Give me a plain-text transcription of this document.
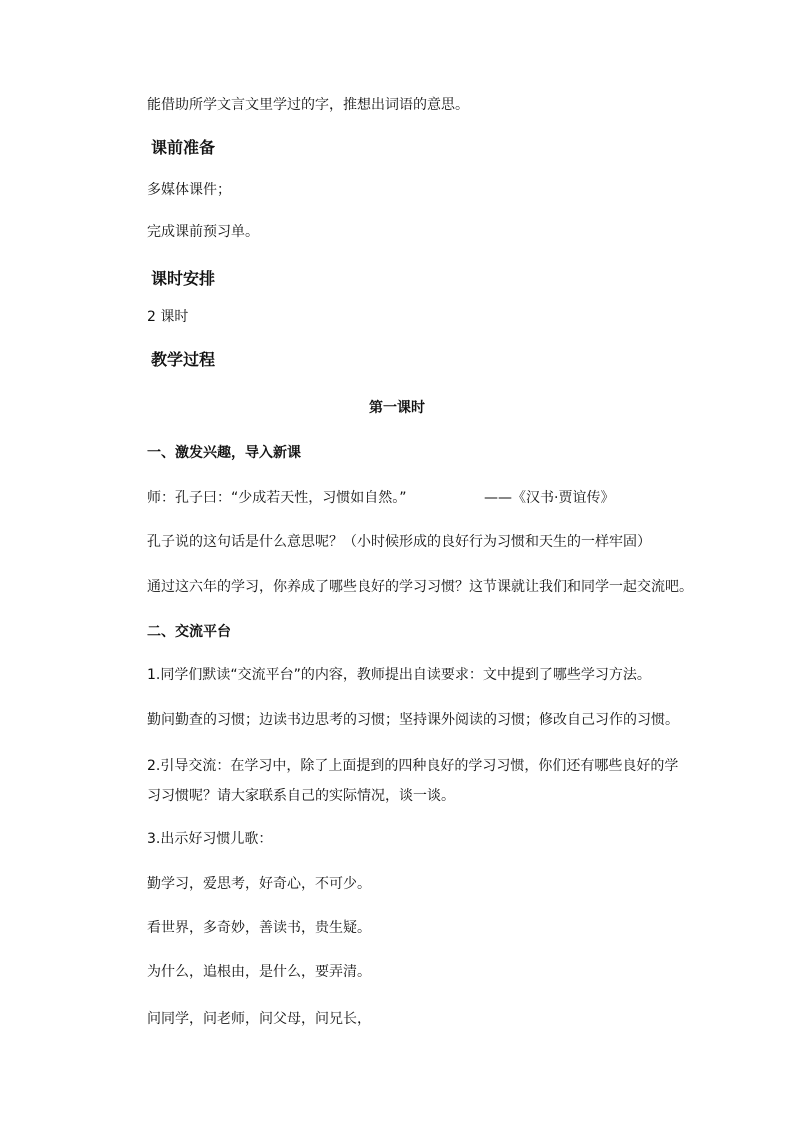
能借助所学文言文里学过的字，推想出词语的意思。
课前准备
多媒体课件；
完成课前预习单。
课时安排
2 课时
教学过程
第一课时
一、激发兴趣，导入新课
师：孔子曰：“少成若天性，习惯如自然。”	——《汉书·贾谊传》
孔子说的这句话是什么意思呢？（小时候形成的良好行为习惯和天生的一样牢固）
通过这六年的学习，你养成了哪些良好的学习习惯？这节课就让我们和同学一起交流吧。
二、交流平台
1.同学们默读“交流平台”的内容，教师提出自读要求：文中提到了哪些学习方法。
勤问勤查的习惯；边读书边思考的习惯；坚持课外阅读的习惯；修改自己习作的习惯。
2.引导交流：在学习中，除了上面提到的四种良好的学习习惯，你们还有哪些良好的学
习习惯呢？请大家联系自己的实际情况，谈一谈。
3.出示好习惯儿歌：
勤学习，爱思考，好奇心，不可少。
看世界，多奇妙，善读书，贵生疑。
为什么，追根由，是什么，要弄清。
问同学，问老师，问父母，问兄长，
